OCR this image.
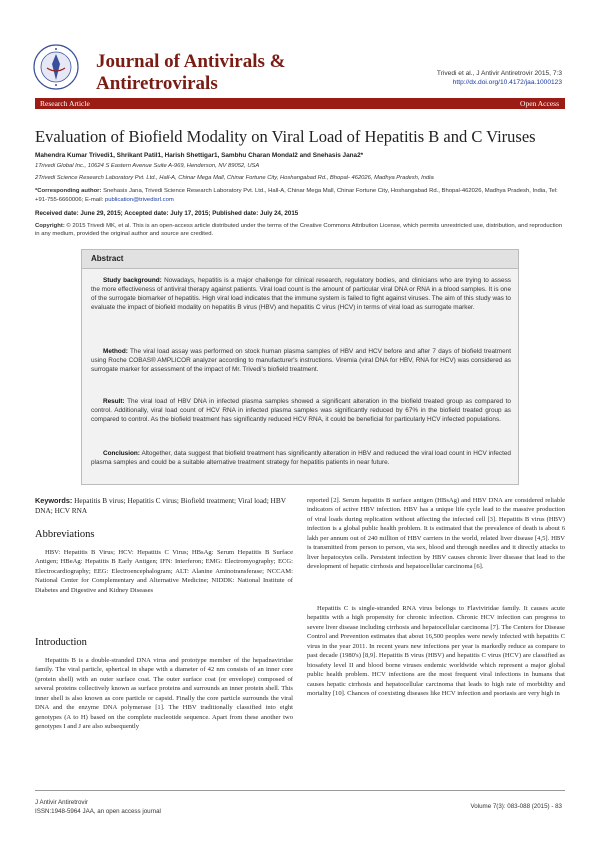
Journal of Antivirals &
Antiretrovirals	Trivedi et al., J Antivir Antiretrovir 2015, 7:3
http://dx.doi.org/10.4172/jaa.1000123
Research Article	Open Access
Evaluation of Biofield Modality on Viral Load of Hepatitis B and C Viruses
Mahendra Kumar Trivedi1, Shrikant Patil1, Harish Shettigar1, Sambhu Charan Mondal2 and Snehasis Jana2*
1Trivedi Global Inc., 10624 S Eastern Avenue Suite A-969, Henderson, NV 89052, USA
2Trivedi Science Research Laboratory Pvt. Ltd., Hall-A, Chinar Mega Mall, Chinar Fortune City, Hoshangabad Rd., Bhopal- 462026, Madhya Pradesh, India
*Corresponding author: Snehasis Jana, Trivedi Science Research Laboratory Pvt. Ltd., Hall-A, Chinar Mega Mall, Chinar Fortune City, Hoshangabad Rd., Bhopal-462026, Madhya Pradesh, India, Tel: +91-755-6660006; E-mail: publication@trivedisrl.com
Received date: June 29, 2015; Accepted date: July 17, 2015; Published date: July 24, 2015
Copyright: © 2015 Trivedi MK, et al. This is an open-access article distributed under the terms of the Creative Commons Attribution License, which permits unrestricted use, distribution, and reproduction in any medium, provided the original author and source are credited.
Abstract

Study background: Nowadays, hepatitis is a major challenge for clinical research, regulatory bodies, and clinicians who are trying to assess the more effectiveness of antiviral therapy against patients. Viral load count is the amount of particular viral DNA or RNA in a blood samples. It is one of the surrogate biomarker of hepatitis. High viral load indicates that the immune system is failed to fight against viruses. The aim of this study was to evaluate the impact of biofield modality on hepatitis B virus (HBV) and hepatitis C virus (HCV) in terms of viral load as surrogate marker.

Method: The viral load assay was performed on stock human plasma samples of HBV and HCV before and after 7 days of biofield treatment using Roche COBAS® AMPLICOR analyzer according to manufacturer's instructions. Viremia (viral DNA for HBV, RNA for HCV) was considered as surrogate marker for assessment of the impact of Mr. Trivedi's biofield treatment.

Result: The viral load of HBV DNA in infected plasma samples showed a significant alteration in the biofield treated group as compared to control. Additionally, viral load count of HCV RNA in infected plasma samples was significantly reduced by 67% in the biofield treated group as compared to control. As the biofield treatment has significantly reduced HCV RNA, it could be beneficial for particularly HCV infected populations.

Conclusion: Altogether, data suggest that biofield treatment has significantly alteration in HBV and reduced the viral load count in HCV infected plasma samples and could be a suitable alternative treatment strategy for hepatitis patients in near future.

Keywords: Hepatitis B virus; Hepatitis C virus; Biofield treatment; Viral load; HBV DNA; HCV RNA
Abbreviations

HBV: Hepatitis B Virus; HCV: Hepatitis C Virus; HBsAg: Serum Hepatitis B Surface Antigen; HBeAg: Hepatitis B Early Antigen; IFN: Interferon; EMG: Electromyography; ECG: Electrocardiography; EEG: Electroencephalogram; ALT: Alanine Aminotransferase; NCCAM: National Center for Complementary and Alternative Medicine; NIDDK: National Institute of Diabetes and Digestive and Kidney Diseases

Introduction

Hepatitis B is a double-stranded DNA virus and prototype member of the hepadnaviridae family. The viral particle, spherical in shape with a diameter of 42 nm consists of an inner core (protein shell) with an outer surface coat. The outer surface coat (or envelope) composed of several proteins collectively known as surface proteins and surrounds an inner protein shell. This inner shell is also known as core particle or capsid. Finally the core particle surrounds the viral DNA and the enzyme DNA polymerase [1]. The HBV traditionally classified into eight genotypes (A to H) based on the complete nucleotide sequence. Apart from these another two genotypes I and J are also subsequently

reported [2]. Serum hepatitis B surface antigen (HBsAg) and HBV DNA are considered reliable indicators of active HBV infection. HBV has a unique life cycle lead to the massive production of viral loads during replication without affecting the infected cell [3]. Hepatitis B virus (HBV) infection is a global public health problem. It is estimated that the prevalence of death is about 6 lakh per annum out of 240 million of HBV carriers in the world, related liver disease [4,5]. HBV is transmitted from person to person, via sex, blood and through needles and it directly attacks to liver hepatocytes cells. Persistent infection by HBV causes chronic liver disease that lead to the development of hepatic cirrhosis and hepatocellular carcinoma [6].

Hepatitis C is single-stranded RNA virus belongs to Flaviviridae family. It causes acute hepatitis with a high propensity for chronic infection. Chronic HCV infection can progress to severe liver disease including cirrhosis and hepatocellular carcinoma [7]. The Centers for Disease Control and Prevention estimates that about 16,500 peoples were newly infected with hepatitis C virus in the year 2011. In recent years new infections per year is markedly reduce as compare to past decade (1980's) [8,9]. Hepatitis B virus (HBV) and hepatitis C virus (HCV) are classified as biosafety level II and blood borne viruses endemic worldwide which represent a major global public health problem. HCV infections are the most frequent viral infections in humans that causes hepatic cirrhosis and hepatocellular carcinoma that leads to high rate of morbidity and mortality [10]. Chances of coexisting diseases like HCV infection and psoriasis are very high in

J Antivir Antiretrovir
ISSN:1948-5964 JAA, an open access journal
Volume 7(3): 083-088 (2015) - 83
